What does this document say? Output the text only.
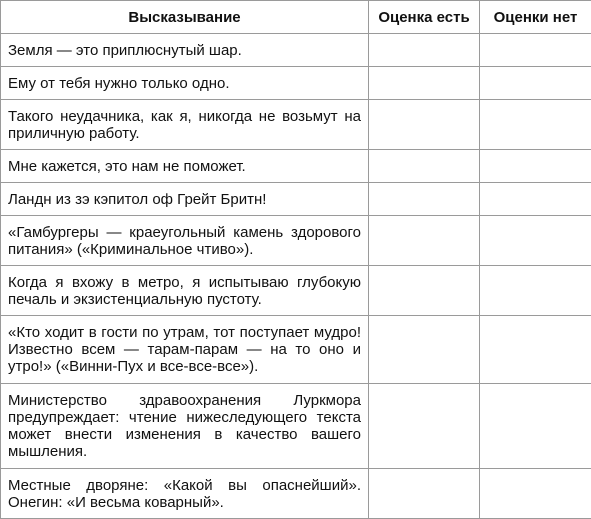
Высказывание	Оценка есть	Оценки нет
Земля — это приплюснутый шар.		
Ему от тебя нужно только одно.		
Такого неудачника, как я, никогда не возьмут на приличную работу.		
Мне кажется, это нам не поможет.		
Ландн из зэ кэпитол оф Грейт Бритн!		
«Гамбургеры — краеугольный камень здорового питания» («Криминальное чтиво»).		
Когда я вхожу в метро, я испытываю глубокую печаль и экзистенциальную пустоту.		
«Кто ходит в гости по утрам, тот поступает мудро! Известно всем — тарам-парам — на то оно и утро!» («Винни-Пух и все-все-все»).		
Министерство здравоохранения Луркмора предупреждает: чтение нижеследующего текста может внести изменения в качество вашего мышления.		
Местные дворяне: «Какой вы опаснейший». Онегин: «И весьма коварный».		
